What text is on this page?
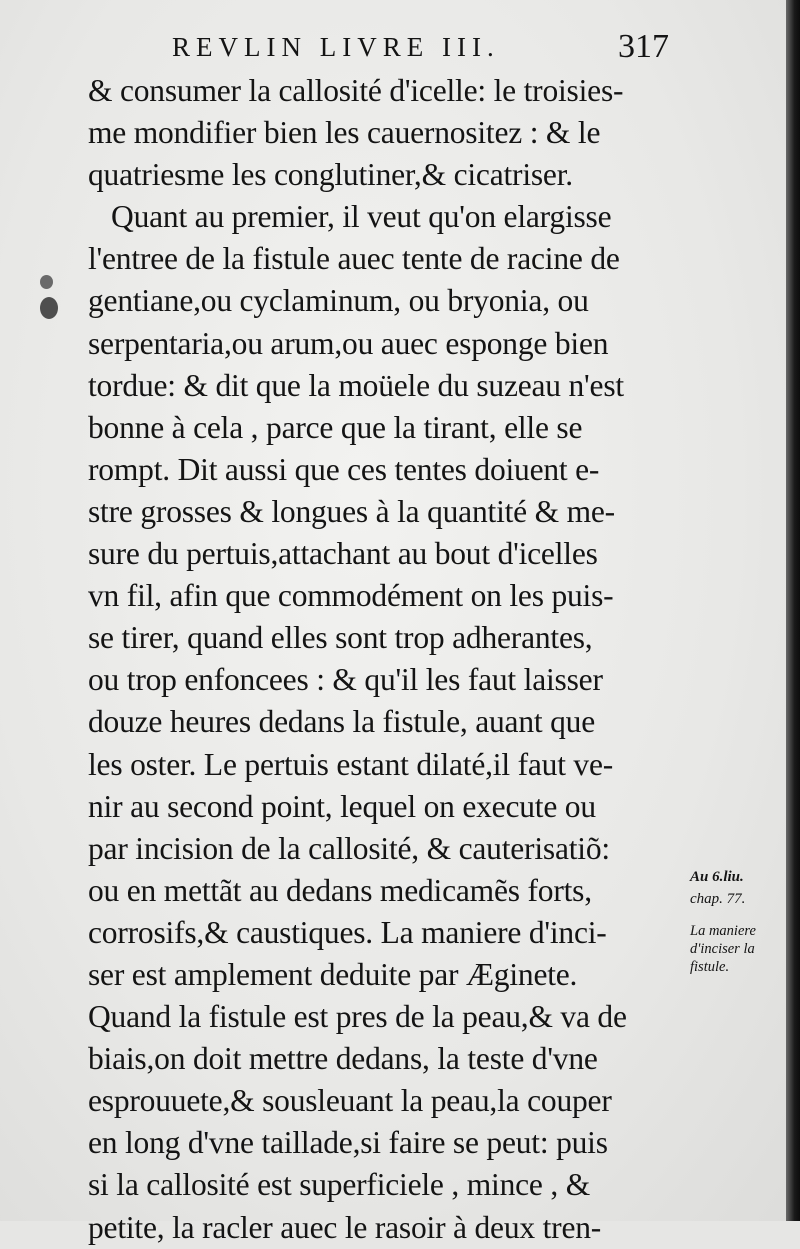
REVLIN LIVRE III.	317
& consumer la callosité d'icelle: le troisies-
me mondifier bien les cauernositez : & le
quatriesme les conglutiner,& cicatriser.
Quant au premier, il veut qu'on elargisse
l'entree de la fistule auec tente de racine de
gentiane,ou cyclaminum, ou bryonia, ou
serpentaria,ou arum,ou auec esponge bien
tordue: & dit que la moüele du suzeau n'est
bonne à cela , parce que la tirant, elle se
rompt. Dit aussi que ces tentes doiuent e-
stre grosses & longues à la quantité & me-
sure du pertuis,attachant au bout d'icelles
vn fil, afin que commodément on les puis-
se tirer, quand elles sont trop adherantes,
ou trop enfoncees : & qu'il les faut laisser
douze heures dedans la fistule, auant que
les oster. Le pertuis estant dilaté,il faut ve-
nir au second point, lequel on execute ou
par incision de la callosité, & cauterisatiõ:
ou en mettãt au dedans medicamẽs forts,
corrosifs,& caustiques. La maniere d'inci-
ser est amplement deduite par Æginete.
Quand la fistule est pres de la peau,& va de
biais,on doit mettre dedans, la teste d'vne
esprouuete,& sousleuant la peau,la couper
en long d'vne taillade,si faire se peut: puis
si la callosité est superficiele , mince , &
petite, la racler auec le rasoir à deux tren-
Au 6.liu.
chap. 77.
La maniere
d'inciser la
fistule.
